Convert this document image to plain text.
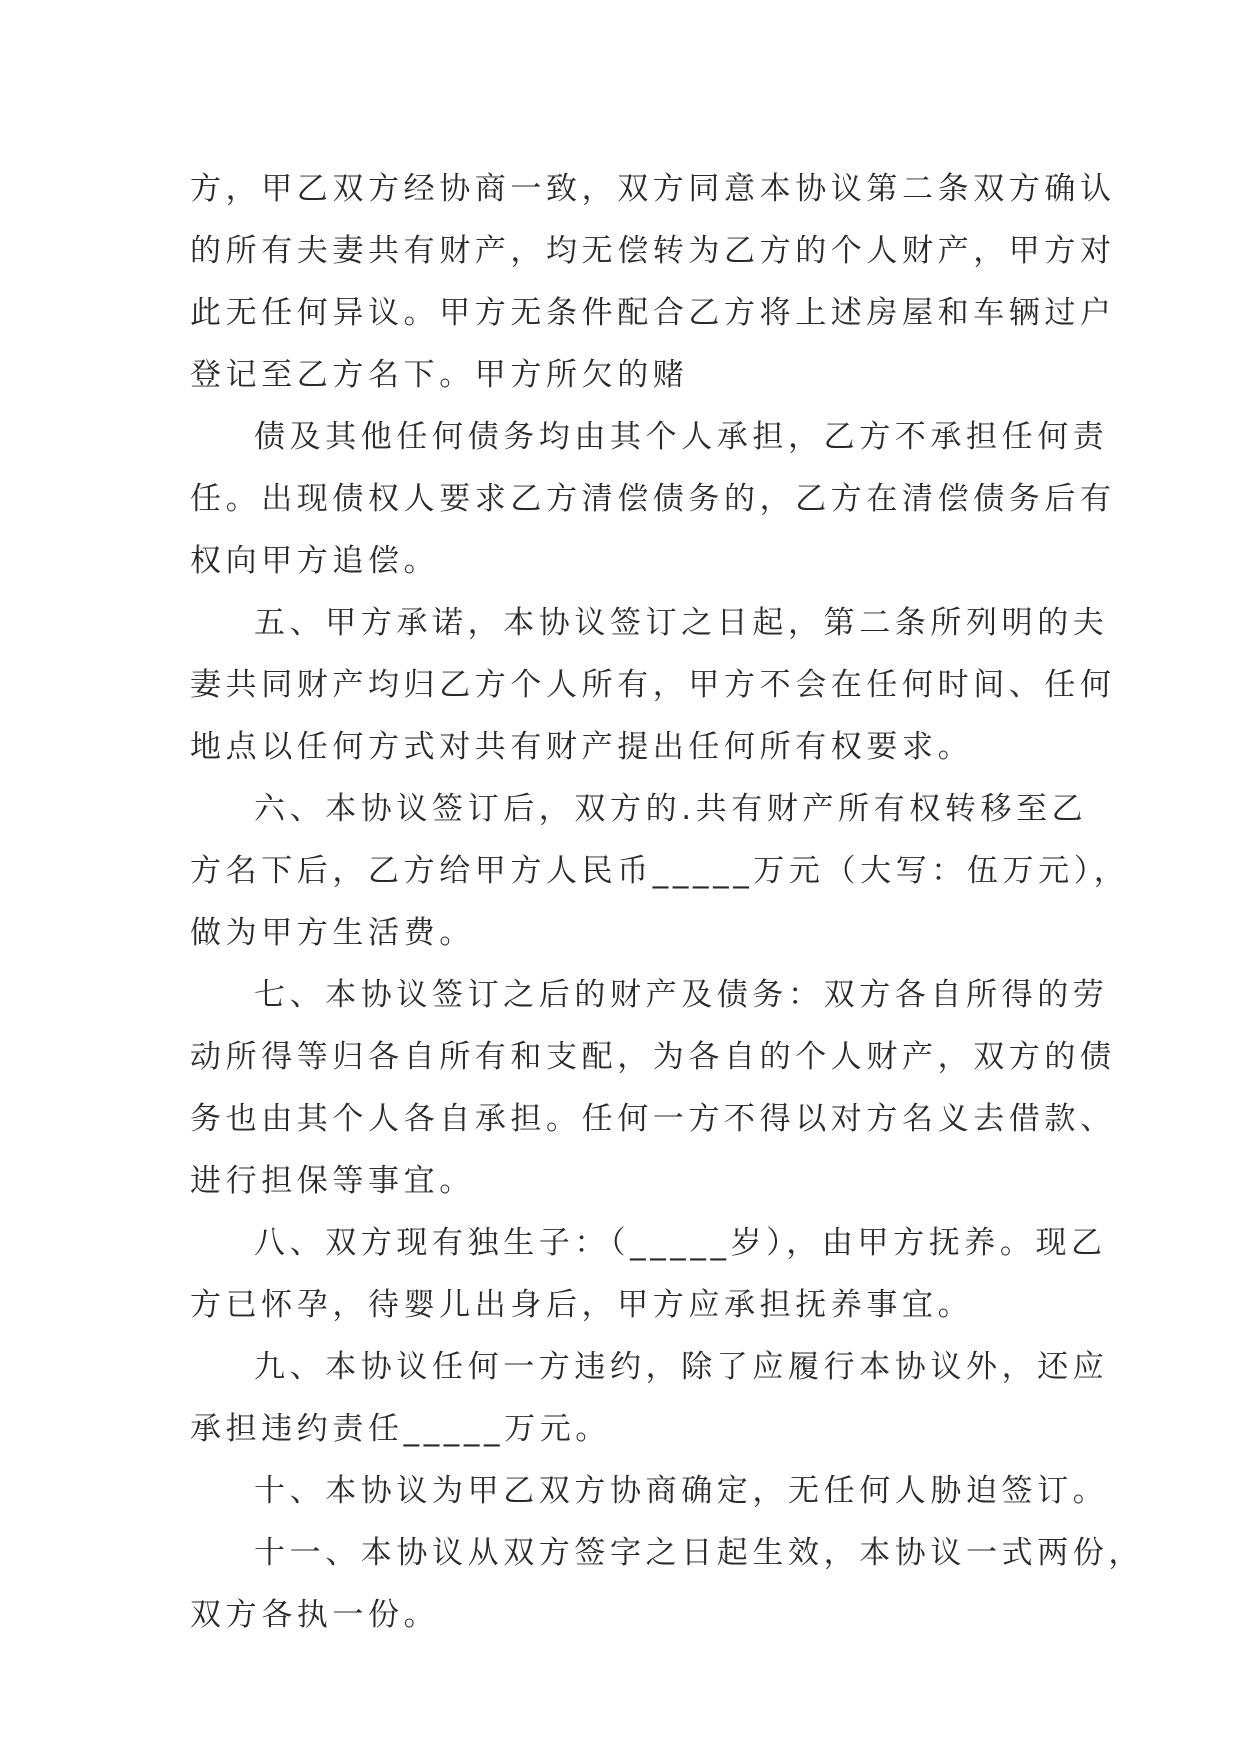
方，甲乙双方经协商一致，双方同意本协议第二条双方确认
的所有夫妻共有财产，均无偿转为乙方的个人财产，甲方对
此无任何异议。甲方无条件配合乙方将上述房屋和车辆过户
登记至乙方名下。甲方所欠的赌
债及其他任何债务均由其个人承担，乙方不承担任何责
任。出现债权人要求乙方清偿债务的，乙方在清偿债务后有
权向甲方追偿。
五、甲方承诺，本协议签订之日起，第二条所列明的夫
妻共同财产均归乙方个人所有，甲方不会在任何时间、任何
地点以任何方式对共有财产提出任何所有权要求。
六、本协议签订后，双方的.共有财产所有权转移至乙
方名下后，乙方给甲方人民币_____万元（大写：伍万元），
做为甲方生活费。
七、本协议签订之后的财产及债务：双方各自所得的劳
动所得等归各自所有和支配，为各自的个人财产，双方的债
务也由其个人各自承担。任何一方不得以对方名义去借款、
进行担保等事宜。
八、双方现有独生子：（_____岁），由甲方抚养。现乙
方已怀孕，待婴儿出身后，甲方应承担抚养事宜。
九、本协议任何一方违约，除了应履行本协议外，还应
承担违约责任_____万元。
十、本协议为甲乙双方协商确定，无任何人胁迫签订。
十一、本协议从双方签字之日起生效，本协议一式两份，
双方各执一份。
